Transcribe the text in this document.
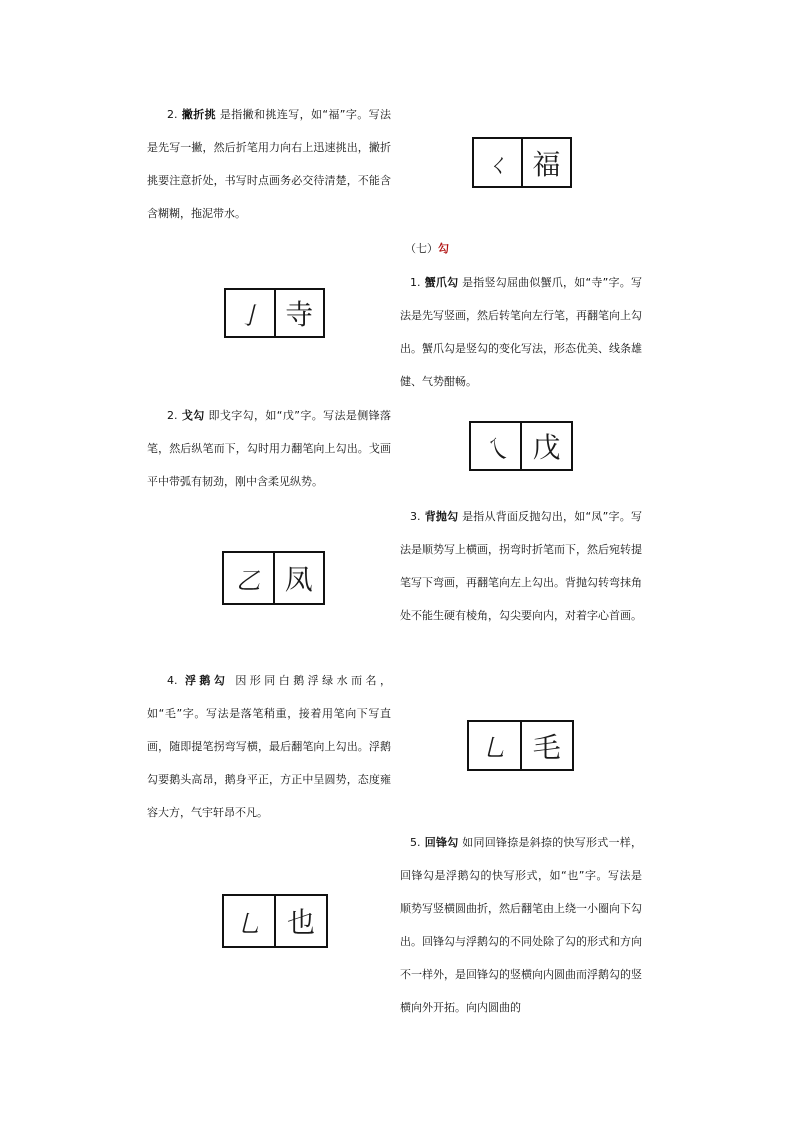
2. 撇折挑 是指撇和挑连写，如“福”字。写法是先写一撇，然后折笔用力向右上迅速挑出，撇折挑要注意折处，书写时点画务必交待清楚，不能含含糊糊，拖泥带水。

ㄑ 福
（七）勾

1. 蟹爪勾 是指竖勾屈曲似蟹爪，如“寺”字。写法是先写竖画，然后转笔向左行笔，再翻笔向上勾出。蟹爪勾是竖勾的变化写法，形态优美、线条雄健、气势酣畅。

亅 寺

2. 戈勾 即戈字勾，如“戊”字。写法是侧锋落笔，然后纵笔而下，勾时用力翻笔向上勾出。戈画平中带弧有韧劲，刚中含柔见纵势。

乀 戊

3. 背抛勾 是指从背面反抛勾出，如“凤”字。写法是顺势写上横画，拐弯时折笔而下，然后宛转提笔写下弯画，再翻笔向左上勾出。背抛勾转弯抹角处不能生硬有棱角，勾尖要向内，对着字心首画。

乙 凤

4. 浮鹅勾 因形同白鹅浮绿水而名，如“毛”字。写法是落笔稍重，接着用笔向下写直画，随即提笔拐弯写横，最后翻笔向上勾出。浮鹅勾要鹅头高昂，鹅身平正，方正中呈圆势，态度雍容大方，气宇轩昂不凡。

乚 毛

5. 回锋勾 如同回锋捺是斜捺的快写形式一样，回锋勾是浮鹅勾的快写形式，如“也”字。写法是顺势写竖横圆曲折，然后翻笔由上绕一小圈向下勾出。回锋勾与浮鹅勾的不同处除了勾的形式和方向不一样外，是回锋勾的竖横向内圆曲而浮鹅勾的竖横向外开拓。向内圆曲的

乚 也
